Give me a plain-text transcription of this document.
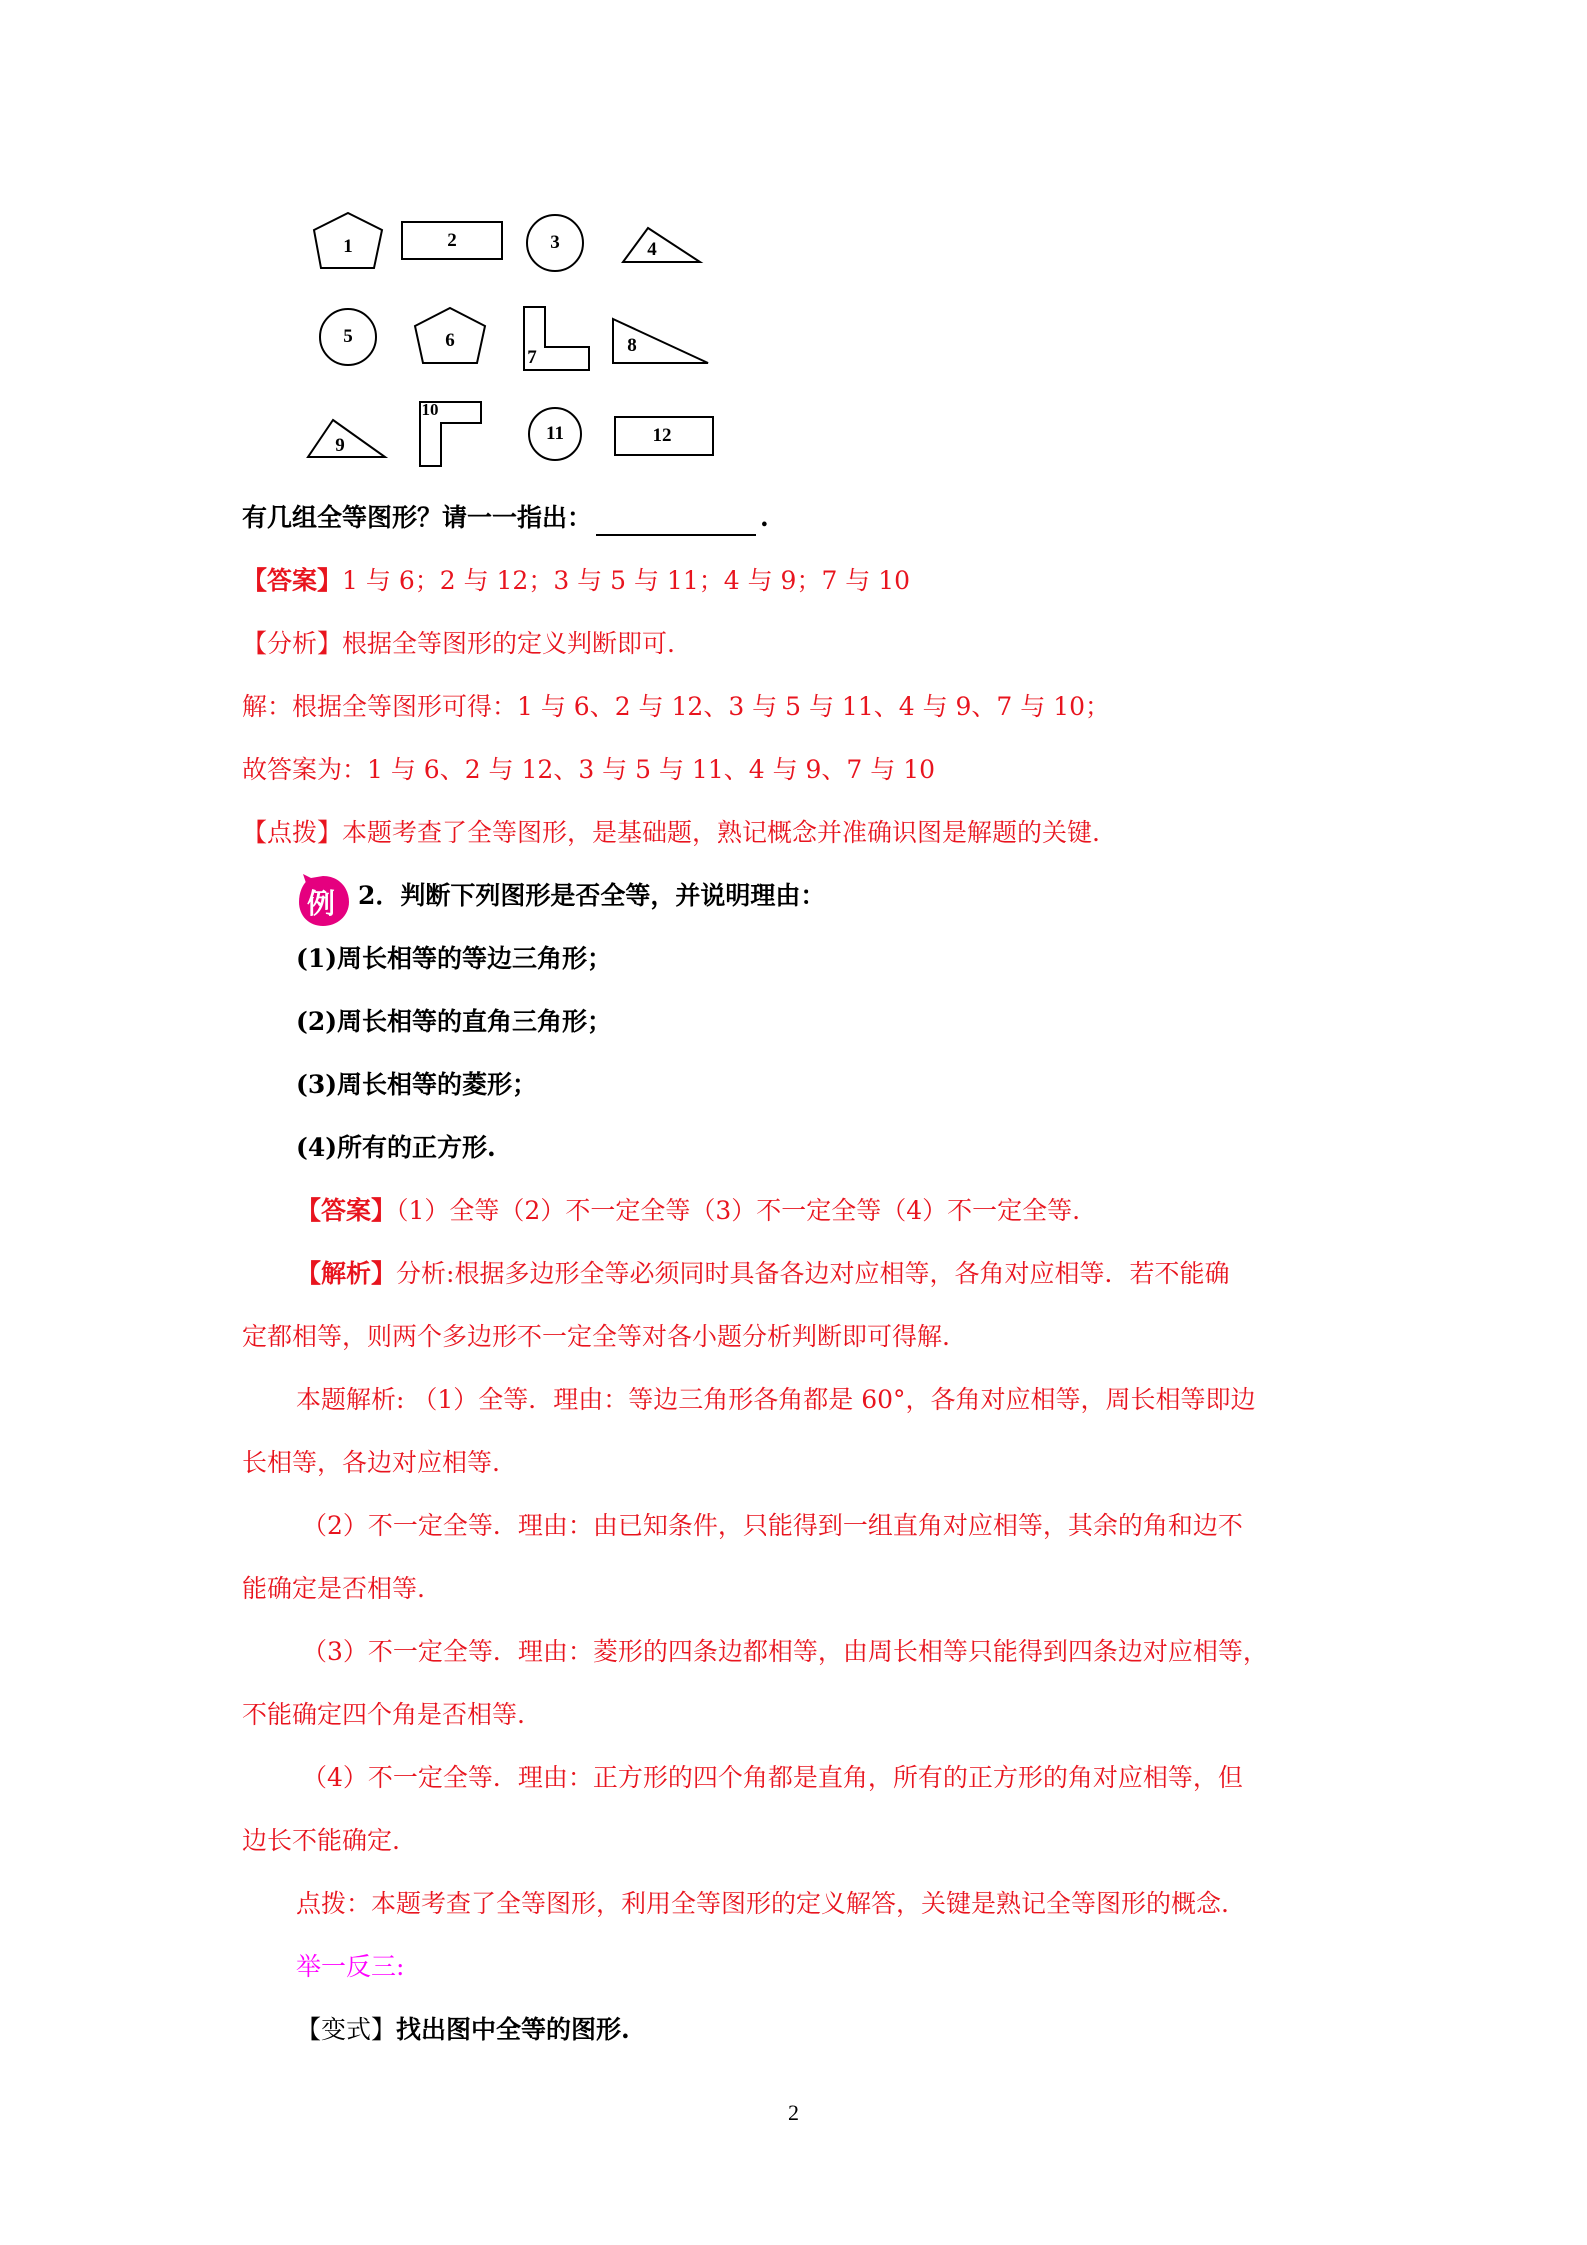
1	2	3	4
5	6
7
8
9
10
11	12
有几组全等图形？请一一指出：	.
【答案】1 与 6；2 与 12；3 与 5 与 11；4 与 9；7 与 10
【分析】根据全等图形的定义判断即可.
解：根据全等图形可得：1 与 6、2 与 12、3 与 5 与 11、4 与 9、7 与 10；
故答案为：1 与 6、2 与 12、3 与 5 与 11、4 与 9、7 与 10
【点拨】本题考查了全等图形，是基础题，熟记概念并准确识图是解题的关键.
例 2．判断下列图形是否全等，并说明理由：
(1)周长相等的等边三角形；
(2)周长相等的直角三角形；
(3)周长相等的菱形；
(4)所有的正方形.
【答案】（1）全等（2）不一定全等（3）不一定全等（4）不一定全等.
【解析】分析:根据多边形全等必须同时具备各边对应相等，各角对应相等．若不能确
定都相等，则两个多边形不一定全等对各小题分析判断即可得解.
本题解析: （1）全等．理由：等边三角形各角都是 60°，各角对应相等，周长相等即边
长相等，各边对应相等.
（2）不一定全等．理由：由已知条件，只能得到一组直角对应相等，其余的角和边不
能确定是否相等.
（3）不一定全等．理由：菱形的四条边都相等，由周长相等只能得到四条边对应相等，
不能确定四个角是否相等.
（4）不一定全等．理由：正方形的四个角都是直角，所有的正方形的角对应相等，但
边长不能确定.
点拨：本题考查了全等图形，利用全等图形的定义解答，关键是熟记全等图形的概念.
举一反三:
【变式】找出图中全等的图形.
2
